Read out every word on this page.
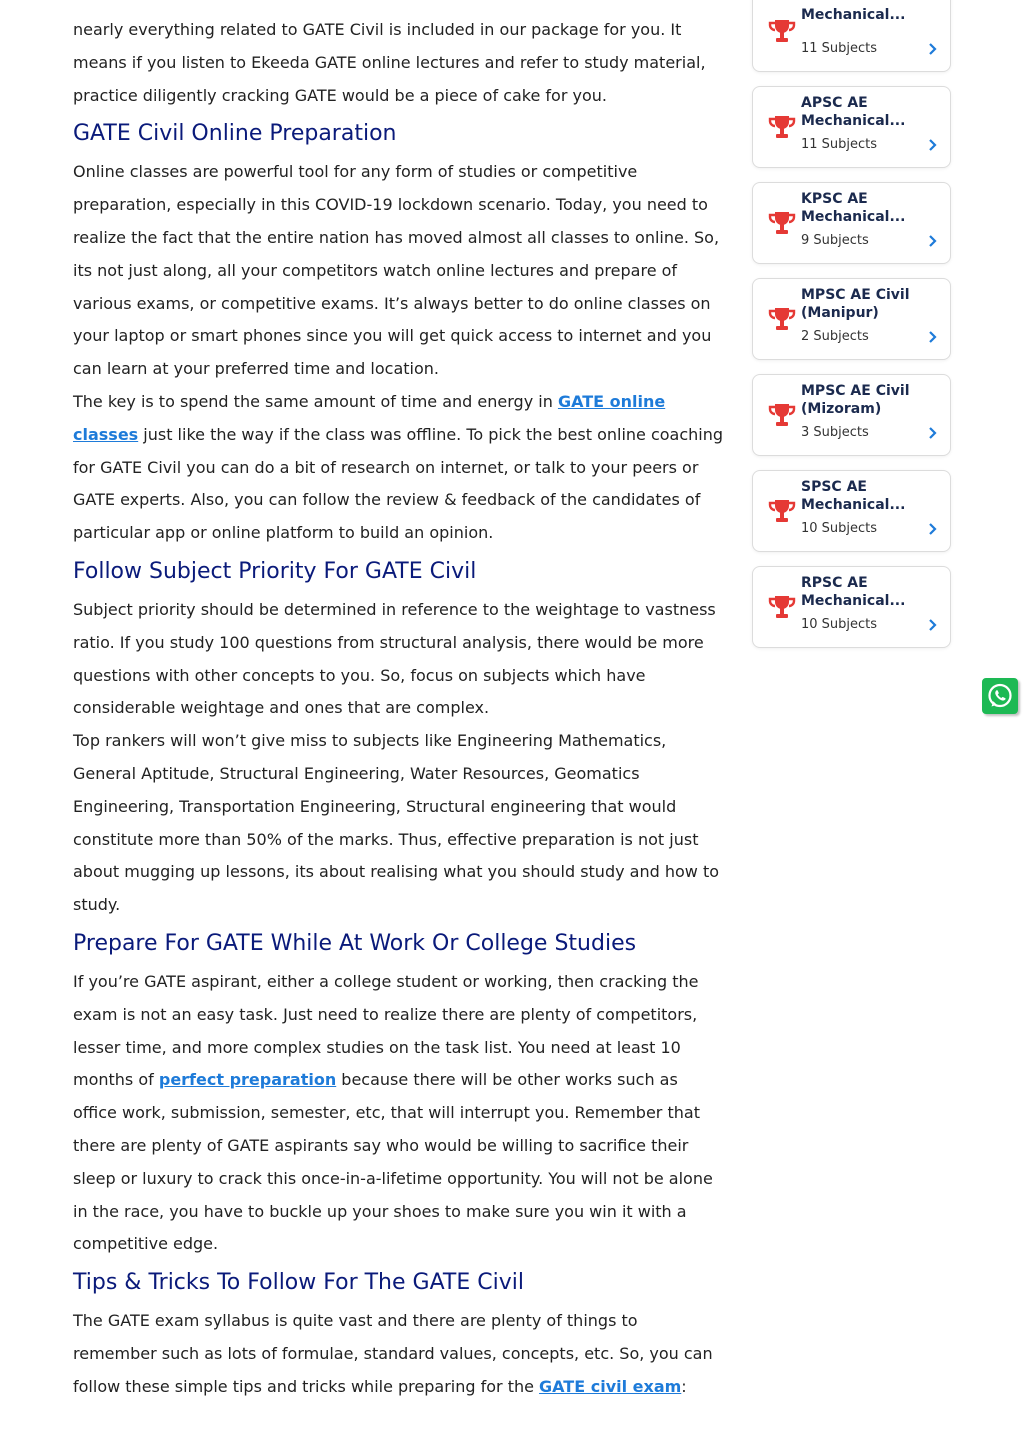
nearly everything related to GATE Civil is included in our package for you. It means if you listen to Ekeeda GATE online lectures and refer to study material, practice diligently cracking GATE would be a piece of cake for you.

GATE Civil Online Preparation

Online classes are powerful tool for any form of studies or competitive preparation, especially in this COVID-19 lockdown scenario. Today, you need to realize the fact that the entire nation has moved almost all classes to online. So, its not just along, all your competitors watch online lectures and prepare of various exams, or competitive exams. It’s always better to do online classes on your laptop or smart phones since you will get quick access to internet and you can learn at your preferred time and location.

The key is to spend the same amount of time and energy in GATE online classes just like the way if the class was offline. To pick the best online coaching for GATE Civil you can do a bit of research on internet, or talk to your peers or GATE experts. Also, you can follow the review & feedback of the candidates of particular app or online platform to build an opinion.

Follow Subject Priority For GATE Civil

Subject priority should be determined in reference to the weightage to vastness ratio. If you study 100 questions from structural analysis, there would be more questions with other concepts to you. So, focus on subjects which have considerable weightage and ones that are complex.

Top rankers will won’t give miss to subjects like Engineering Mathematics, General Aptitude, Structural Engineering, Water Resources, Geomatics Engineering, Transportation Engineering, Structural engineering that would constitute more than 50% of the marks. Thus, effective preparation is not just about mugging up lessons, its about realising what you should study and how to study.

Prepare For GATE While At Work Or College Studies

If you’re GATE aspirant, either a college student or working, then cracking the exam is not an easy task. Just need to realize there are plenty of competitors, lesser time, and more complex studies on the task list. You need at least 10 months of perfect preparation because there will be other works such as office work, submission, semester, etc, that will interrupt you. Remember that there are plenty of GATE aspirants say who would be willing to sacrifice their sleep or luxury to crack this once-in-a-lifetime opportunity. You will not be alone in the race, you have to buckle up your shoes to make sure you win it with a competitive edge.

Tips & Tricks To Follow For The GATE Civil

The GATE exam syllabus is quite vast and there are plenty of things to remember such as lots of formulae, standard values, concepts, etc. So, you can follow these simple tips and tricks while preparing for the GATE civil exam:

Mechanical...
11 Subjects
APSC AE Mechanical...
11 Subjects
KPSC AE Mechanical...
9 Subjects
MPSC AE Civil (Manipur)
2 Subjects
MPSC AE Civil (Mizoram)
3 Subjects
SPSC AE Mechanical...
10 Subjects
RPSC AE Mechanical...
10 Subjects
